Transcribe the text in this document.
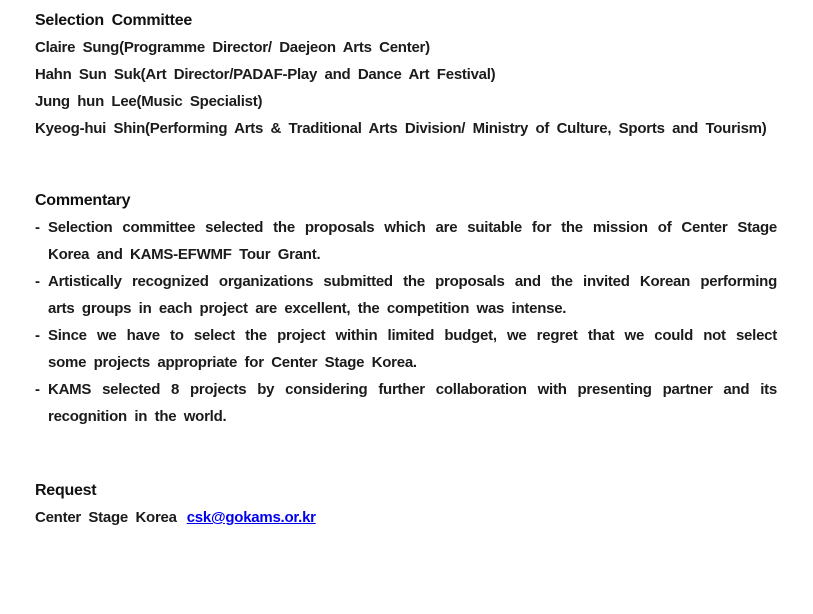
Selection Committee

Claire Sung(Programme Director/ Daejeon Arts Center)

Hahn Sun Suk(Art Director/PADAF-Play and Dance Art Festival)

Jung hun Lee(Music Specialist)

Kyeog-hui Shin(Performing Arts & Traditional Arts Division/ Ministry of Culture, Sports and Tourism)

Commentary
- Selection committee selected the proposals which are suitable for the mission of Center Stage Korea and KAMS-EFWMF Tour Grant.

- Artistically recognized organizations submitted the proposals and the invited Korean performing arts groups in each project are excellent, the competition was intense.

- Since we have to select the project within limited budget, we regret that we could not select some projects appropriate for Center Stage Korea.

- KAMS selected 8 projects by considering further collaboration with presenting partner and its recognition in the world.

Request

Center Stage Korea csk@gokams.or.kr
